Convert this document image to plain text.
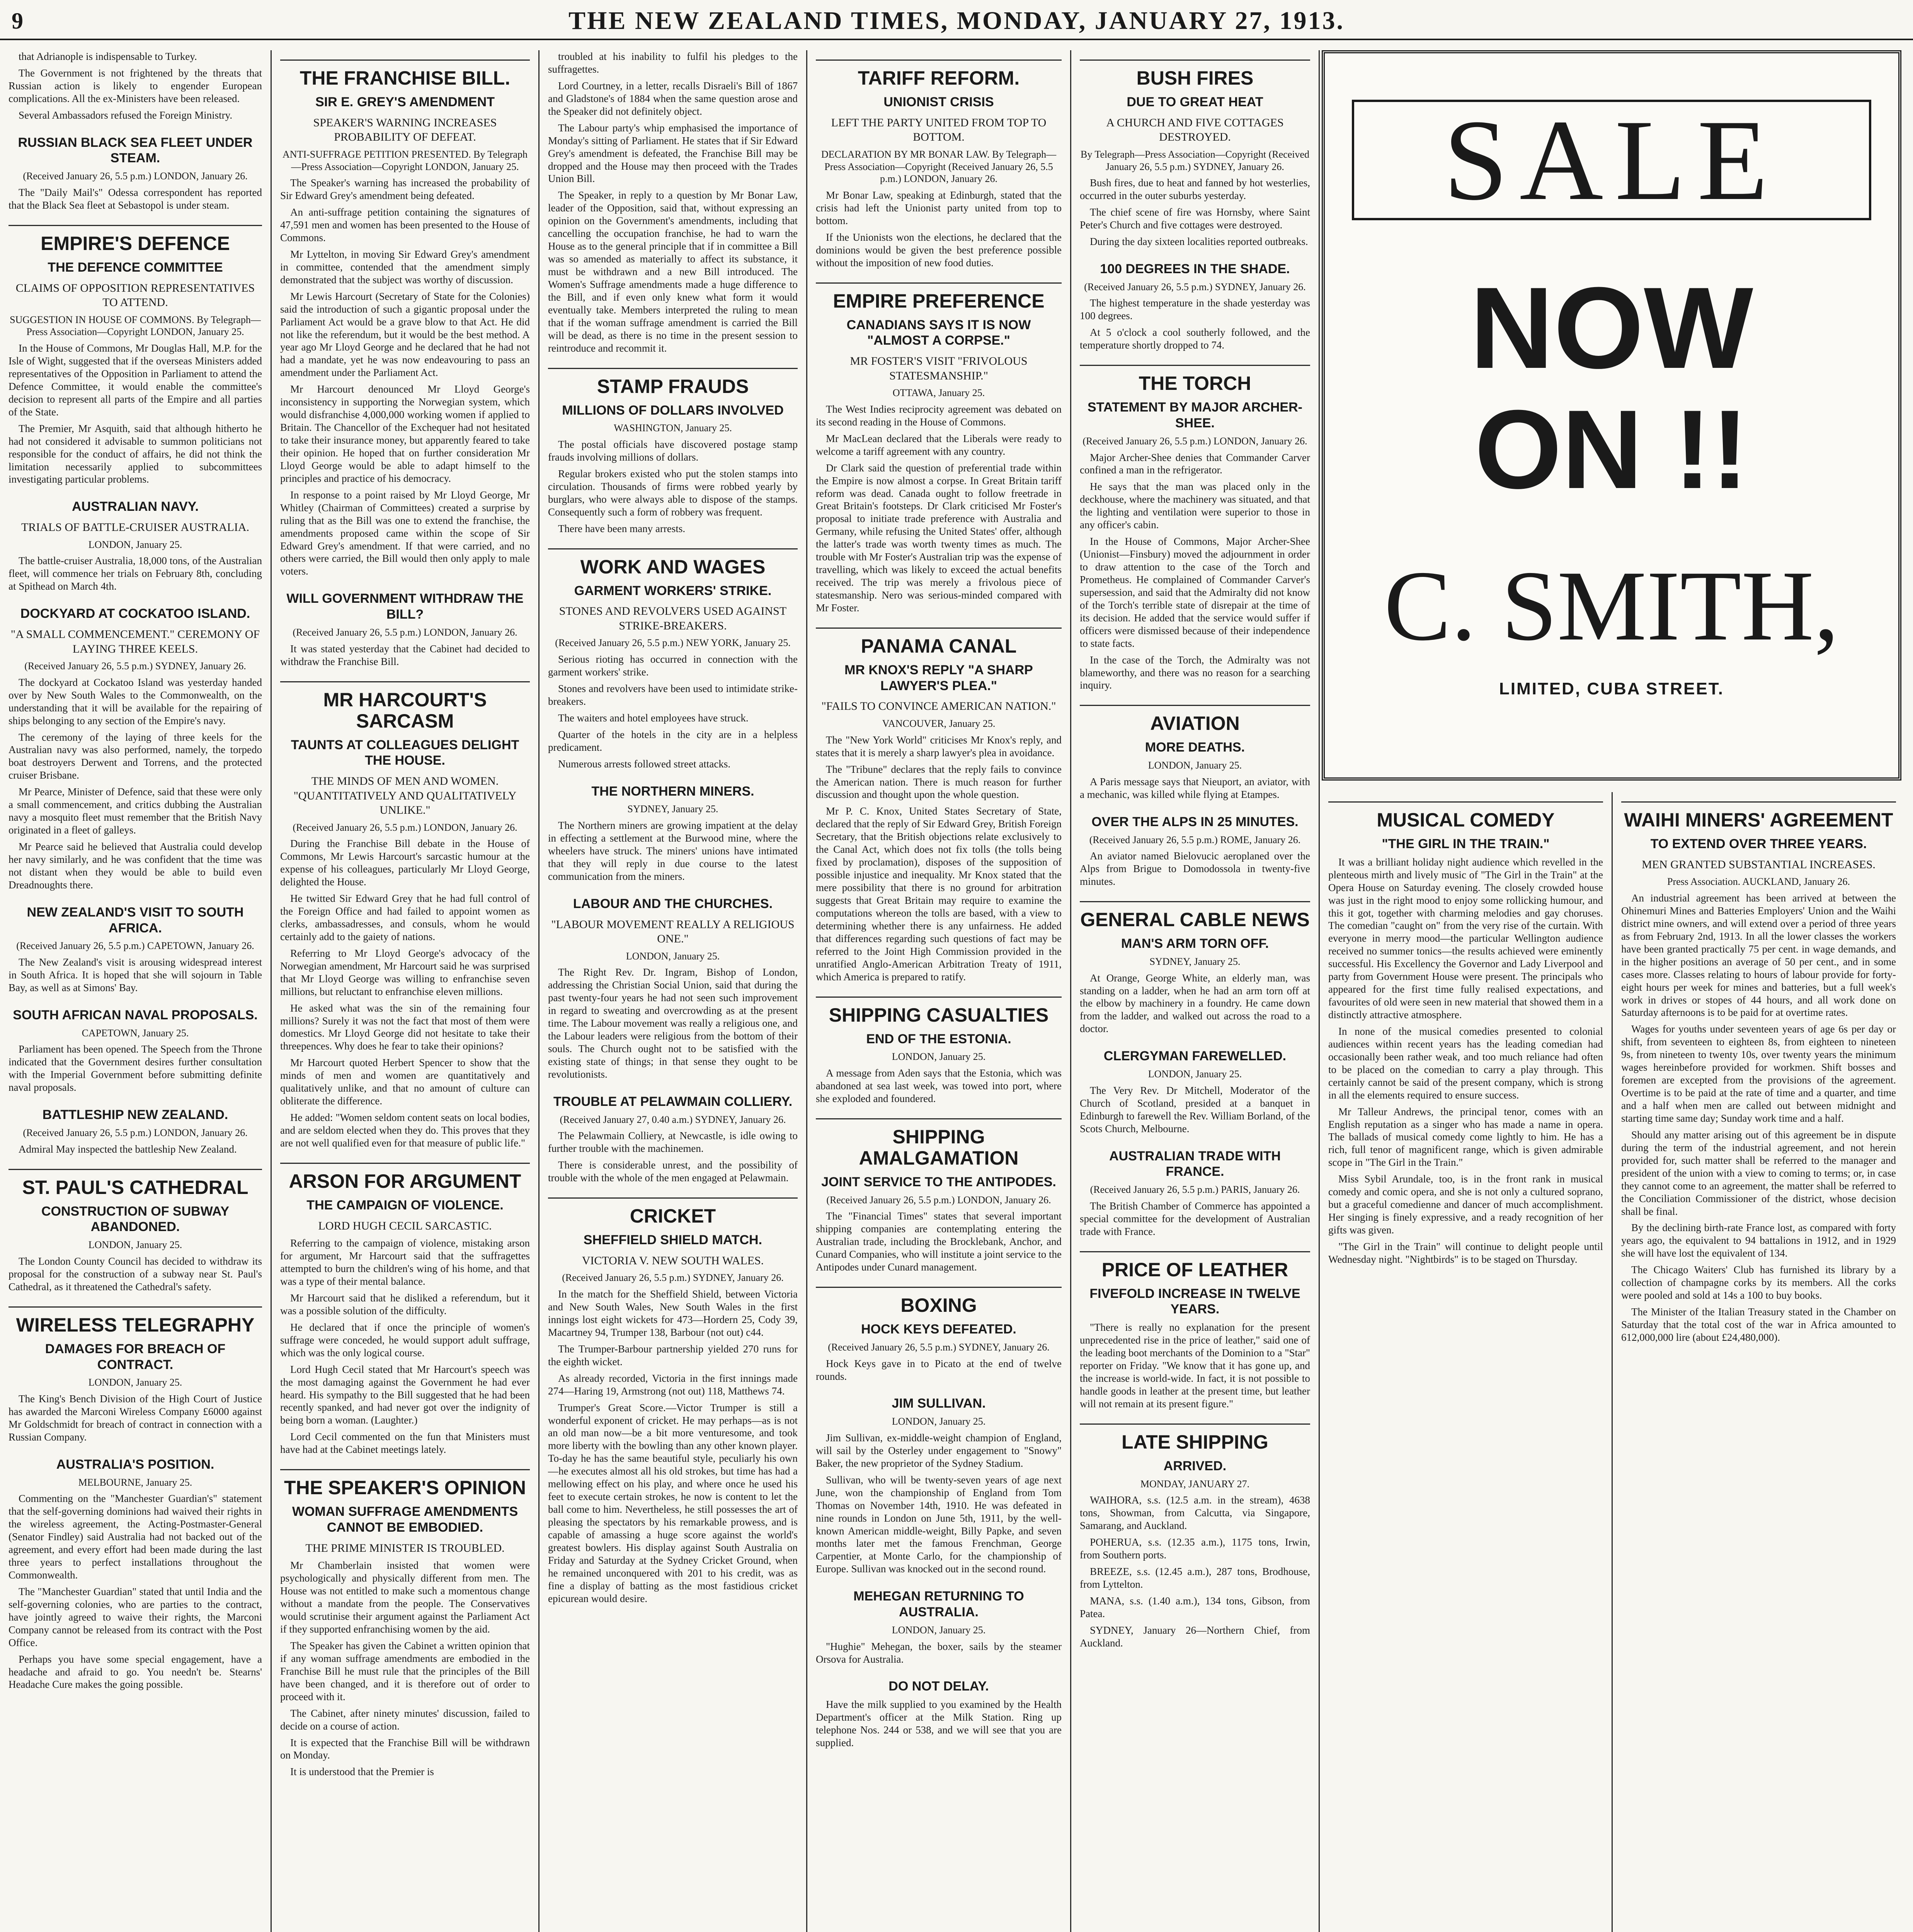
9	THE NEW ZEALAND TIMES, MONDAY, JANUARY 27, 1913.

that Adrianople is indispensable to Turkey.

The Government is not frightened by the threats that Russian action is likely to engender European complications. All the ex-Ministers have been released.

Several Ambassadors refused the Foreign Ministry.

RUSSIAN BLACK SEA FLEET UNDER STEAM.

(Received January 26, 5.5 p.m.) LONDON, January 26.

The "Daily Mail's" Odessa correspondent has reported that the Black Sea fleet at Sebastopol is under steam.

EMPIRE'S DEFENCE
THE DEFENCE COMMITTEE
CLAIMS OF OPPOSITION REPRESENTATIVES TO ATTEND.

SUGGESTION IN HOUSE OF COMMONS. By Telegraph—Press Association—Copyright LONDON, January 25.

In the House of Commons, Mr Douglas Hall, M.P. for the Isle of Wight, suggested that if the overseas Ministers added representatives of the Opposition in Parliament to attend the Defence Committee, it would enable the committee's decision to represent all parts of the Empire and all parties of the State.

The Premier, Mr Asquith, said that although hitherto he had not considered it advisable to summon politicians not responsible for the conduct of affairs, he did not think the limitation necessarily applied to subcommittees investigating particular problems.

AUSTRALIAN NAVY.
TRIALS OF BATTLE-CRUISER AUSTRALIA.

LONDON, January 25.

The battle-cruiser Australia, 18,000 tons, of the Australian fleet, will commence her trials on February 8th, concluding at Spithead on March 4th.

DOCKYARD AT COCKATOO ISLAND.
"A SMALL COMMENCEMENT." CEREMONY OF LAYING THREE KEELS.

(Received January 26, 5.5 p.m.) SYDNEY, January 26.

The dockyard at Cockatoo Island was yesterday handed over by New South Wales to the Commonwealth, on the understanding that it will be available for the repairing of ships belonging to any section of the Empire's navy.

The ceremony of the laying of three keels for the Australian navy was also performed, namely, the torpedo boat destroyers Derwent and Torrens, and the protected cruiser Brisbane.

Mr Pearce, Minister of Defence, said that these were only a small commencement, and critics dubbing the Australian navy a mosquito fleet must remember that the British Navy originated in a fleet of galleys.

Mr Pearce said he believed that Australia could develop her navy similarly, and he was confident that the time was not distant when they would be able to build even Dreadnoughts there.

NEW ZEALAND'S VISIT TO SOUTH AFRICA.

(Received January 26, 5.5 p.m.) CAPETOWN, January 26.

The New Zealand's visit is arousing widespread interest in South Africa. It is hoped that she will sojourn in Table Bay, as well as at Simons' Bay.

SOUTH AFRICAN NAVAL PROPOSALS.

CAPETOWN, January 25.

Parliament has been opened. The Speech from the Throne indicated that the Government desires further consultation with the Imperial Government before submitting definite naval proposals.

BATTLESHIP NEW ZEALAND.

(Received January 26, 5.5 p.m.) LONDON, January 26.

Admiral May inspected the battleship New Zealand.

ST. PAUL'S CATHEDRAL
CONSTRUCTION OF SUBWAY ABANDONED.

LONDON, January 25.

The London County Council has decided to withdraw its proposal for the construction of a subway near St. Paul's Cathedral, as it threatened the Cathedral's safety.

WIRELESS TELEGRAPHY
DAMAGES FOR BREACH OF CONTRACT.

LONDON, January 25.

The King's Bench Division of the High Court of Justice has awarded the Marconi Wireless Company £6000 against Mr Goldschmidt for breach of contract in connection with a Russian Company.

AUSTRALIA'S POSITION.

MELBOURNE, January 25.

Commenting on the "Manchester Guardian's" statement that the self-governing dominions had waived their rights in the wireless agreement, the Acting-Postmaster-General (Senator Findley) said Australia had not backed out of the agreement, and every effort had been made during the last three years to perfect installations throughout the Commonwealth.

The "Manchester Guardian" stated that until India and the self-governing colonies, who are parties to the contract, have jointly agreed to waive their rights, the Marconi Company cannot be released from its contract with the Post Office.

Perhaps you have some special engagement, have a headache and afraid to go. You needn't be. Stearns' Headache Cure makes the going possible.

THE FRANCHISE BILL.
SIR E. GREY'S AMENDMENT
SPEAKER'S WARNING INCREASES PROBABILITY OF DEFEAT.

ANTI-SUFFRAGE PETITION PRESENTED. By Telegraph—Press Association—Copyright LONDON, January 25.

The Speaker's warning has increased the probability of Sir Edward Grey's amendment being defeated.

An anti-suffrage petition containing the signatures of 47,591 men and women has been presented to the House of Commons.

Mr Lyttelton, in moving Sir Edward Grey's amendment in committee, contended that the amendment simply demonstrated that the subject was worthy of discussion.

Mr Lewis Harcourt (Secretary of State for the Colonies) said the introduction of such a gigantic proposal under the Parliament Act would be a grave blow to that Act. He did not like the referendum, but it would be the best method. A year ago Mr Lloyd George and he declared that he had not had a mandate, yet he was now endeavouring to pass an amendment under the Parliament Act.

Mr Harcourt denounced Mr Lloyd George's inconsistency in supporting the Norwegian system, which would disfranchise 4,000,000 working women if applied to Britain. The Chancellor of the Exchequer had not hesitated to take their insurance money, but apparently feared to take their opinion. He hoped that on further consideration Mr Lloyd George would be able to adapt himself to the principles and practice of his democracy.

In response to a point raised by Mr Lloyd George, Mr Whitley (Chairman of Committees) created a surprise by ruling that as the Bill was one to extend the franchise, the amendments proposed came within the scope of Sir Edward Grey's amendment. If that were carried, and no others were carried, the Bill would then only apply to male voters.

WILL GOVERNMENT WITHDRAW THE BILL?

(Received January 26, 5.5 p.m.) LONDON, January 26.

It was stated yesterday that the Cabinet had decided to withdraw the Franchise Bill.

MR HARCOURT'S SARCASM
TAUNTS AT COLLEAGUES DELIGHT THE HOUSE.
THE MINDS OF MEN AND WOMEN. "QUANTITATIVELY AND QUALITATIVELY UNLIKE."

(Received January 26, 5.5 p.m.) LONDON, January 26.

During the Franchise Bill debate in the House of Commons, Mr Lewis Harcourt's sarcastic humour at the expense of his colleagues, particularly Mr Lloyd George, delighted the House.

He twitted Sir Edward Grey that he had full control of the Foreign Office and had failed to appoint women as clerks, ambassadresses, and consuls, whom he would certainly add to the gaiety of nations.

Referring to Mr Lloyd George's advocacy of the Norwegian amendment, Mr Harcourt said he was surprised that Mr Lloyd George was willing to enfranchise seven millions, but reluctant to enfranchise eleven millions.

He asked what was the sin of the remaining four millions? Surely it was not the fact that most of them were domestics. Mr Lloyd George did not hesitate to take their threepences. Why does he fear to take their opinions?

Mr Harcourt quoted Herbert Spencer to show that the minds of men and women are quantitatively and qualitatively unlike, and that no amount of culture can obliterate the difference.

He added: "Women seldom content seats on local bodies, and are seldom elected when they do. This proves that they are not well qualified even for that measure of public life."

ARSON FOR ARGUMENT
THE CAMPAIGN OF VIOLENCE.
LORD HUGH CECIL SARCASTIC.

Referring to the campaign of violence, mistaking arson for argument, Mr Harcourt said that the suffragettes attempted to burn the children's wing of his home, and that was a type of their mental balance.

Mr Harcourt said that he disliked a referendum, but it was a possible solution of the difficulty.

He declared that if once the principle of women's suffrage were conceded, he would support adult suffrage, which was the only logical course.

Lord Hugh Cecil stated that Mr Harcourt's speech was the most damaging against the Government he had ever heard. His sympathy to the Bill suggested that he had been recently spanked, and had never got over the indignity of being born a woman. (Laughter.)

Lord Cecil commented on the fun that Ministers must have had at the Cabinet meetings lately.

THE SPEAKER'S OPINION
WOMAN SUFFRAGE AMENDMENTS CANNOT BE EMBODIED.
THE PRIME MINISTER IS TROUBLED.

Mr Chamberlain insisted that women were psychologically and physically different from men. The House was not entitled to make such a momentous change without a mandate from the people. The Conservatives would scrutinise their argument against the Parliament Act if they supported enfranchising women by the aid.

The Speaker has given the Cabinet a written opinion that if any woman suffrage amendments are embodied in the Franchise Bill he must rule that the principles of the Bill have been changed, and it is therefore out of order to proceed with it.

The Cabinet, after ninety minutes' discussion, failed to decide on a course of action.

It is expected that the Franchise Bill will be withdrawn on Monday.

It is understood that the Premier is

troubled at his inability to fulfil his pledges to the suffragettes.

Lord Courtney, in a letter, recalls Disraeli's Bill of 1867 and Gladstone's of 1884 when the same question arose and the Speaker did not definitely object.

The Labour party's whip emphasised the importance of Monday's sitting of Parliament. He states that if Sir Edward Grey's amendment is defeated, the Franchise Bill may be dropped and the House may then proceed with the Trades Union Bill.

The Speaker, in reply to a question by Mr Bonar Law, leader of the Opposition, said that, without expressing an opinion on the Government's amendments, including that cancelling the occupation franchise, he had to warn the House as to the general principle that if in committee a Bill was so amended as materially to affect its substance, it must be withdrawn and a new Bill introduced. The Women's Suffrage amendments made a huge difference to the Bill, and if even only knew what form it would eventually take. Members interpreted the ruling to mean that if the woman suffrage amendment is carried the Bill will be dead, as there is no time in the present session to reintroduce and recommit it.

STAMP FRAUDS
MILLIONS OF DOLLARS INVOLVED

WASHINGTON, January 25.

The postal officials have discovered postage stamp frauds involving millions of dollars.

Regular brokers existed who put the stolen stamps into circulation. Thousands of firms were robbed yearly by burglars, who were always able to dispose of the stamps. Consequently such a form of robbery was frequent.

There have been many arrests.

WORK AND WAGES
GARMENT WORKERS' STRIKE.
STONES AND REVOLVERS USED AGAINST STRIKE-BREAKERS.

(Received January 26, 5.5 p.m.) NEW YORK, January 25.

Serious rioting has occurred in connection with the garment workers' strike.

Stones and revolvers have been used to intimidate strike-breakers.

The waiters and hotel employees have struck.

Quarter of the hotels in the city are in a helpless predicament.

Numerous arrests followed street attacks.

THE NORTHERN MINERS.

SYDNEY, January 25.

The Northern miners are growing impatient at the delay in effecting a settlement at the Burwood mine, where the wheelers have struck. The miners' unions have intimated that they will reply in due course to the latest communication from the miners.

LABOUR AND THE CHURCHES.
"LABOUR MOVEMENT REALLY A RELIGIOUS ONE."

LONDON, January 25.

The Right Rev. Dr. Ingram, Bishop of London, addressing the Christian Social Union, said that during the past twenty-four years he had not seen such improvement in regard to sweating and overcrowding as at the present time. The Labour movement was really a religious one, and the Labour leaders were religious from the bottom of their souls. The Church ought not to be satisfied with the existing state of things; in that sense they ought to be revolutionists.

TROUBLE AT PELAWMAIN COLLIERY.

(Received January 27, 0.40 a.m.) SYDNEY, January 26.

The Pelawmain Colliery, at Newcastle, is idle owing to further trouble with the machinemen.

There is considerable unrest, and the possibility of trouble with the whole of the men engaged at Pelawmain.

CRICKET
SHEFFIELD SHIELD MATCH.
VICTORIA V. NEW SOUTH WALES.

(Received January 26, 5.5 p.m.) SYDNEY, January 26.

In the match for the Sheffield Shield, between Victoria and New South Wales, New South Wales in the first innings lost eight wickets for 473—Hordern 25, Cody 39, Macartney 94, Trumper 138, Barbour (not out) c44.

The Trumper-Barbour partnership yielded 270 runs for the eighth wicket.

As already recorded, Victoria in the first innings made 274—Haring 19, Armstrong (not out) 118, Matthews 74.

Trumper's Great Score.—Victor Trumper is still a wonderful exponent of cricket. He may perhaps—as is not an old man now—be a bit more venturesome, and took more liberty with the bowling than any other known player. To-day he has the same beautiful style, peculiarly his own—he executes almost all his old strokes, but time has had a mellowing effect on his play, and where once he used his feet to execute certain strokes, he now is content to let the ball come to him. Nevertheless, he still possesses the art of pleasing the spectators by his remarkable prowess, and is capable of amassing a huge score against the world's greatest bowlers. His display against South Australia on Friday and Saturday at the Sydney Cricket Ground, when he remained unconquered with 201 to his credit, was as fine a display of batting as the most fastidious cricket epicurean would desire.

TARIFF REFORM.
UNIONIST CRISIS
LEFT THE PARTY UNITED FROM TOP TO BOTTOM.

DECLARATION BY MR BONAR LAW. By Telegraph—Press Association—Copyright (Received January 26, 5.5 p.m.) LONDON, January 26.

Mr Bonar Law, speaking at Edinburgh, stated that the crisis had left the Unionist party united from top to bottom.

If the Unionists won the elections, he declared that the dominions would be given the best preference possible without the imposition of new food duties.

EMPIRE PREFERENCE
CANADIANS SAYS IT IS NOW "ALMOST A CORPSE."
MR FOSTER'S VISIT "FRIVOLOUS STATESMANSHIP."

OTTAWA, January 25.

The West Indies reciprocity agreement was debated on its second reading in the House of Commons.

Mr MacLean declared that the Liberals were ready to welcome a tariff agreement with any country.

Dr Clark said the question of preferential trade within the Empire is now almost a corpse. In Great Britain tariff reform was dead. Canada ought to follow freetrade in Great Britain's footsteps. Dr Clark criticised Mr Foster's proposal to initiate trade preference with Australia and Germany, while refusing the United States' offer, although the latter's trade was worth twenty times as much. The trouble with Mr Foster's Australian trip was the expense of travelling, which was likely to exceed the actual benefits received. The trip was merely a frivolous piece of statesmanship. Nero was serious-minded compared with Mr Foster.

PANAMA CANAL
MR KNOX'S REPLY "A SHARP LAWYER'S PLEA."
"FAILS TO CONVINCE AMERICAN NATION."

VANCOUVER, January 25.

The "New York World" criticises Mr Knox's reply, and states that it is merely a sharp lawyer's plea in avoidance.

The "Tribune" declares that the reply fails to convince the American nation. There is much reason for further discussion and thought upon the whole question.

Mr P. C. Knox, United States Secretary of State, declared that the reply of Sir Edward Grey, British Foreign Secretary, that the British objections relate exclusively to the Canal Act, which does not fix tolls (the tolls being fixed by proclamation), disposes of the supposition of possible injustice and inequality. Mr Knox stated that the mere possibility that there is no ground for arbitration suggests that Great Britain may require to examine the computations whereon the tolls are based, with a view to determining whether there is any unfairness. He added that differences regarding such questions of fact may be referred to the Joint High Commission provided in the unratified Anglo-American Arbitration Treaty of 1911, which America is prepared to ratify.

SHIPPING CASUALTIES
END OF THE ESTONIA.

LONDON, January 25.

A message from Aden says that the Estonia, which was abandoned at sea last week, was towed into port, where she exploded and foundered.

SHIPPING AMALGAMATION
JOINT SERVICE TO THE ANTIPODES.

(Received January 26, 5.5 p.m.) LONDON, January 26.

The "Financial Times" states that several important shipping companies are contemplating entering the Australian trade, including the Brocklebank, Anchor, and Cunard Companies, who will institute a joint service to the Antipodes under Cunard management.

BOXING
HOCK KEYS DEFEATED.

(Received January 26, 5.5 p.m.) SYDNEY, January 26.

Hock Keys gave in to Picato at the end of twelve rounds.

JIM SULLIVAN.

LONDON, January 25.

Jim Sullivan, ex-middle-weight champion of England, will sail by the Osterley under engagement to "Snowy" Baker, the new proprietor of the Sydney Stadium.

Sullivan, who will be twenty-seven years of age next June, won the championship of England from Tom Thomas on November 14th, 1910. He was defeated in nine rounds in London on June 5th, 1911, by the well-known American middle-weight, Billy Papke, and seven months later met the famous Frenchman, George Carpentier, at Monte Carlo, for the championship of Europe. Sullivan was knocked out in the second round.

MEHEGAN RETURNING TO AUSTRALIA.

LONDON, January 25.

"Hughie" Mehegan, the boxer, sails by the steamer Orsova for Australia.

DO NOT DELAY.

Have the milk supplied to you examined by the Health Department's officer at the Milk Station. Ring up telephone Nos. 244 or 538, and we will see that you are supplied.

BUSH FIRES
DUE TO GREAT HEAT
A CHURCH AND FIVE COTTAGES DESTROYED.

By Telegraph—Press Association—Copyright (Received January 26, 5.5 p.m.) SYDNEY, January 26.

Bush fires, due to heat and fanned by hot westerlies, occurred in the outer suburbs yesterday.

The chief scene of fire was Hornsby, where Saint Peter's Church and five cottages were destroyed.

During the day sixteen localities reported outbreaks.

100 DEGREES IN THE SHADE.

(Received January 26, 5.5 p.m.) SYDNEY, January 26.

The highest temperature in the shade yesterday was 100 degrees.

At 5 o'clock a cool southerly followed, and the temperature shortly dropped to 74.

THE TORCH
STATEMENT BY MAJOR ARCHER-SHEE.

(Received January 26, 5.5 p.m.) LONDON, January 26.

Major Archer-Shee denies that Commander Carver confined a man in the refrigerator.

He says that the man was placed only in the deckhouse, where the machinery was situated, and that the lighting and ventilation were superior to those in any officer's cabin.

In the House of Commons, Major Archer-Shee (Unionist—Finsbury) moved the adjournment in order to draw attention to the case of the Torch and Prometheus. He complained of Commander Carver's supersession, and said that the Admiralty did not know of the Torch's terrible state of disrepair at the time of its decision. He added that the service would suffer if officers were dismissed because of their independence to state facts.

In the case of the Torch, the Admiralty was not blameworthy, and there was no reason for a searching inquiry.

AVIATION
MORE DEATHS.

LONDON, January 25.

A Paris message says that Nieuport, an aviator, with a mechanic, was killed while flying at Etampes.

OVER THE ALPS IN 25 MINUTES.

(Received January 26, 5.5 p.m.) ROME, January 26.

An aviator named Bielovucic aeroplaned over the Alps from Brigue to Domodossola in twenty-five minutes.

GENERAL CABLE NEWS
MAN'S ARM TORN OFF.

SYDNEY, January 25.

At Orange, George White, an elderly man, was standing on a ladder, when he had an arm torn off at the elbow by machinery in a foundry. He came down from the ladder, and walked out across the road to a doctor.

CLERGYMAN FAREWELLED.

LONDON, January 25.

The Very Rev. Dr Mitchell, Moderator of the Church of Scotland, presided at a banquet in Edinburgh to farewell the Rev. William Borland, of the Scots Church, Melbourne.

AUSTRALIAN TRADE WITH FRANCE.

(Received January 26, 5.5 p.m.) PARIS, January 26.

The British Chamber of Commerce has appointed a special committee for the development of Australian trade with France.

PRICE OF LEATHER
FIVEFOLD INCREASE IN TWELVE YEARS.

"There is really no explanation for the present unprecedented rise in the price of leather," said one of the leading boot merchants of the Dominion to a "Star" reporter on Friday. "We know that it has gone up, and the increase is world-wide. In fact, it is not possible to handle goods in leather at the present time, but leather will not remain at its present figure."

LATE SHIPPING
ARRIVED.

MONDAY, JANUARY 27.

WAIHORA, s.s. (12.5 a.m. in the stream), 4638 tons, Showman, from Calcutta, via Singapore, Samarang, and Auckland.

POHERUA, s.s. (12.35 a.m.), 1175 tons, Irwin, from Southern ports.

BREEZE, s.s. (12.45 a.m.), 287 tons, Brodhouse, from Lyttelton.

MANA, s.s. (1.40 a.m.), 134 tons, Gibson, from Patea.

SYDNEY, January 26—Northern Chief, from Auckland.

SALE
NOW
ON !!
C. SMITH,
LIMITED, CUBA STREET.
MUSICAL COMEDY
"THE GIRL IN THE TRAIN."

It was a brilliant holiday night audience which revelled in the plenteous mirth and lively music of "The Girl in the Train" at the Opera House on Saturday evening. The closely crowded house was just in the right mood to enjoy some rollicking humour, and this it got, together with charming melodies and gay choruses. The comedian "caught on" from the very rise of the curtain. With everyone in merry mood—the particular Wellington audience received no summer tonics—the results achieved were eminently successful. His Excellency the Governor and Lady Liverpool and party from Government House were present. The principals who appeared for the first time fully realised expectations, and favourites of old were seen in new material that showed them in a distinctly attractive atmosphere.

In none of the musical comedies presented to colonial audiences within recent years has the leading comedian had occasionally been rather weak, and too much reliance had often to be placed on the comedian to carry a play through. This certainly cannot be said of the present company, which is strong in all the elements required to ensure success.

Mr Talleur Andrews, the principal tenor, comes with an English reputation as a singer who has made a name in opera. The ballads of musical comedy come lightly to him. He has a rich, full tenor of magnificent range, which is given admirable scope in "The Girl in the Train."

Miss Sybil Arundale, too, is in the front rank in musical comedy and comic opera, and she is not only a cultured soprano, but a graceful comedienne and dancer of much accomplishment. Her singing is finely expressive, and a ready recognition of her gifts was given.

"The Girl in the Train" will continue to delight people until Wednesday night. "Nightbirds" is to be staged on Thursday.

WAIHI MINERS' AGREEMENT
TO EXTEND OVER THREE YEARS.
MEN GRANTED SUBSTANTIAL INCREASES.

Press Association. AUCKLAND, January 26.

An industrial agreement has been arrived at between the Ohinemuri Mines and Batteries Employers' Union and the Waihi district mine owners, and will extend over a period of three years as from February 2nd, 1913. In all the lower classes the workers have been granted practically 75 per cent. in wage demands, and in the higher positions an average of 50 per cent., and in some cases more. Classes relating to hours of labour provide for forty-eight hours per week for mines and batteries, but a full week's work in drives or stopes of 44 hours, and all work done on Saturday afternoons is to be paid for at overtime rates.

Wages for youths under seventeen years of age 6s per day or shift, from seventeen to eighteen 8s, from eighteen to nineteen 9s, from nineteen to twenty 10s, over twenty years the minimum wages hereinbefore provided for workmen. Shift bosses and foremen are excepted from the provisions of the agreement. Overtime is to be paid at the rate of time and a quarter, and time and a half when men are called out between midnight and starting time same day; Sunday work time and a half.

Should any matter arising out of this agreement be in dispute during the term of the industrial agreement, and not herein provided for, such matter shall be referred to the manager and president of the union with a view to coming to terms; or, in case they cannot come to an agreement, the matter shall be referred to the Conciliation Commissioner of the district, whose decision shall be final.

By the declining birth-rate France lost, as compared with forty years ago, the equivalent to 94 battalions in 1912, and in 1929 she will have lost the equivalent of 134.

The Chicago Waiters' Club has furnished its library by a collection of champagne corks by its members. All the corks were pooled and sold at 14s a 100 to buy books.

The Minister of the Italian Treasury stated in the Chamber on Saturday that the total cost of the war in Africa amounted to 612,000,000 lire (about £24,480,000).
